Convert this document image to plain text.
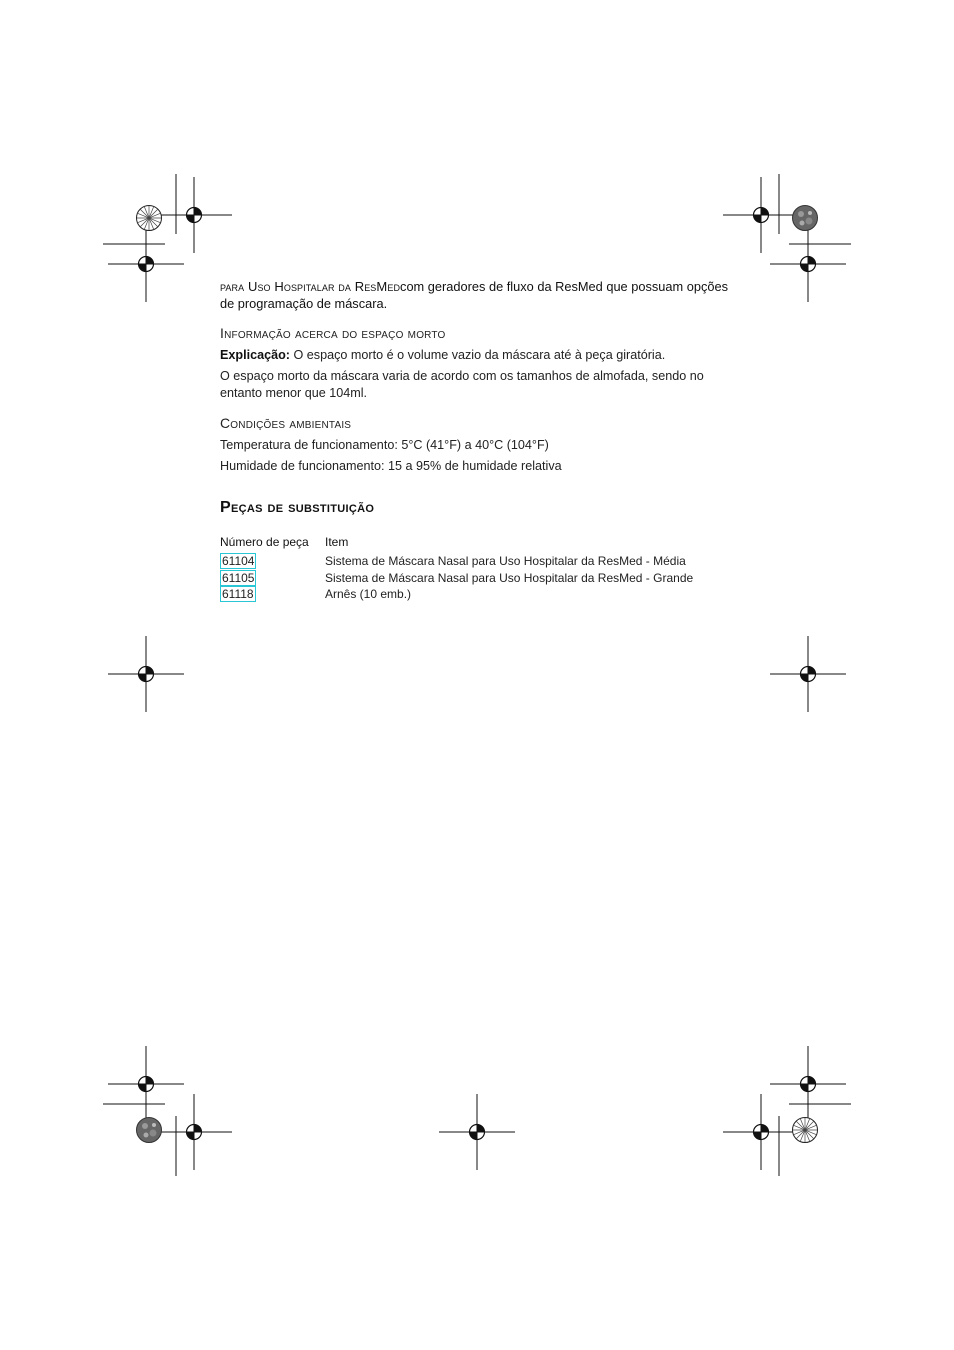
para Uso Hospitalar da ResMedcom geradores de fluxo da ResMed que possuam opções de programação de máscara.

Informação acerca do espaço morto

Explicação: O espaço morto é o volume vazio da máscara até à peça giratória.

O espaço morto da máscara varia de acordo com os tamanhos de almofada, sendo no entanto menor que 104ml.

Condições ambientais

Temperatura de funcionamento: 5°C (41°F) a 40°C (104°F)

Humidade de funcionamento: 15 a 95% de humidade relativa

Peças de substituição
Número de peça	Item
61104	Sistema de Máscara Nasal para Uso Hospitalar da ResMed - Média
61105	Sistema de Máscara Nasal para Uso Hospitalar da ResMed - Grande
61118	Arnês (10 emb.)
